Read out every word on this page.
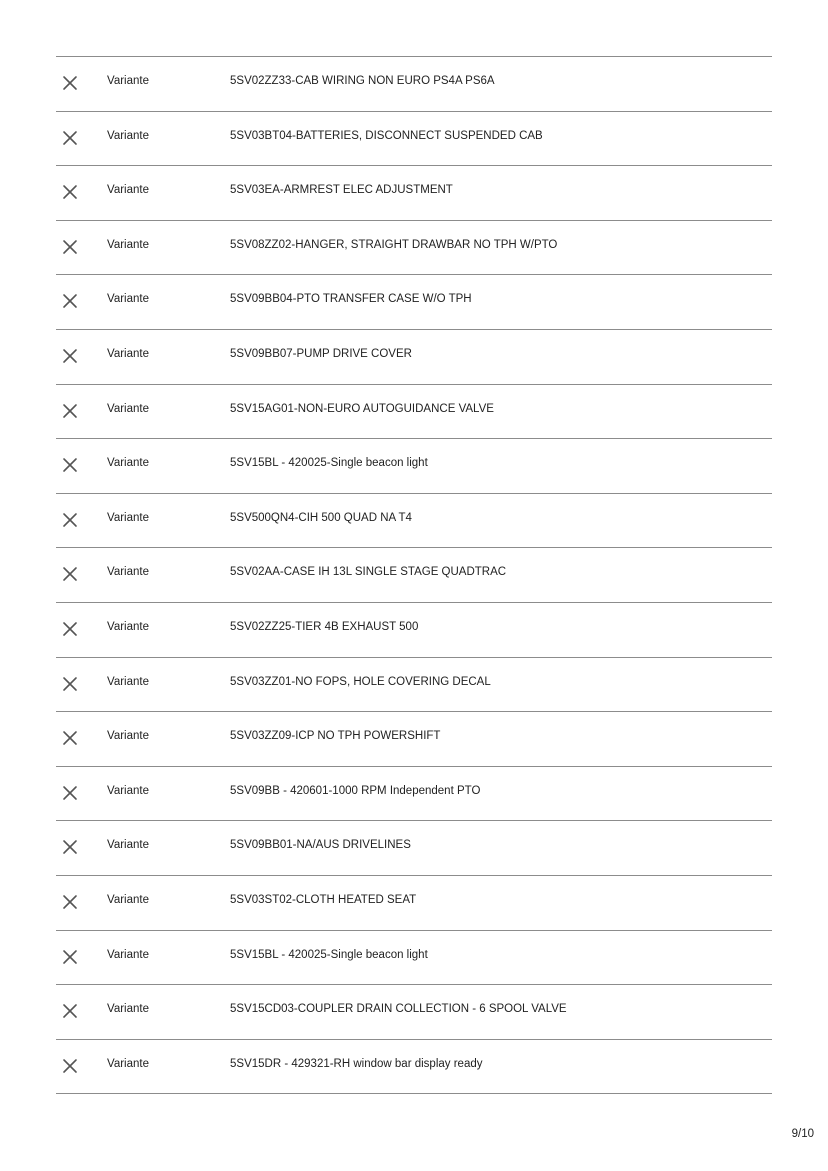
Variante	5SV02ZZ33-CAB WIRING NON EURO PS4A PS6A
Variante	5SV03BT04-BATTERIES, DISCONNECT SUSPENDED CAB
Variante	5SV03EA-ARMREST ELEC ADJUSTMENT
Variante	5SV08ZZ02-HANGER, STRAIGHT DRAWBAR NO TPH W/PTO
Variante	5SV09BB04-PTO TRANSFER CASE W/O TPH
Variante	5SV09BB07-PUMP DRIVE COVER
Variante	5SV15AG01-NON-EURO AUTOGUIDANCE VALVE
Variante	5SV15BL - 420025-Single beacon light
Variante	5SV500QN4-CIH 500 QUAD NA T4
Variante	5SV02AA-CASE IH 13L SINGLE STAGE QUADTRAC
Variante	5SV02ZZ25-TIER 4B EXHAUST 500
Variante	5SV03ZZ01-NO FOPS, HOLE COVERING DECAL
Variante	5SV03ZZ09-ICP NO TPH POWERSHIFT
Variante	5SV09BB - 420601-1000 RPM Independent PTO
Variante	5SV09BB01-NA/AUS DRIVELINES
Variante	5SV03ST02-CLOTH HEATED SEAT
Variante	5SV15BL - 420025-Single beacon light
Variante	5SV15CD03-COUPLER DRAIN COLLECTION - 6 SPOOL VALVE
Variante	5SV15DR - 429321-RH window bar display ready
9/10
